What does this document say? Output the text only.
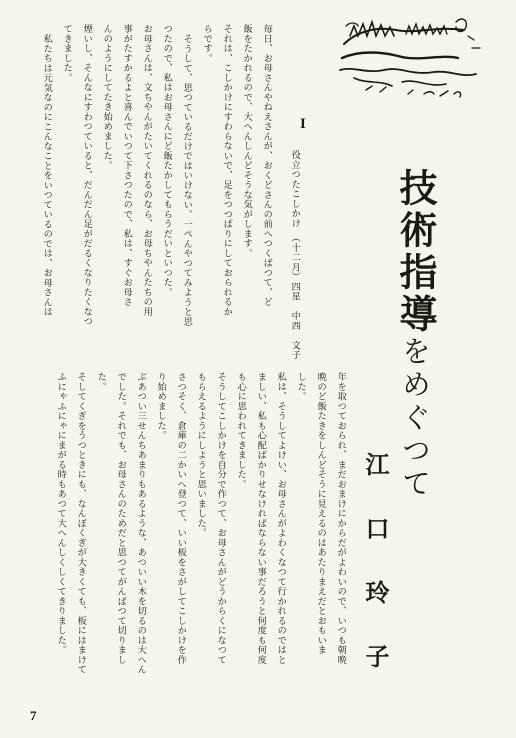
I
技術指導をめぐつて
江口玲子
役立つたこしかけ　（十二月）四星　中西　文子
毎日、お母さんやねえさんが、おくどさんの前へつくばつて、ど
飯をたかれるので、大へんしんどそうな気がします。
それは、こしかけにすわらないで、足をつつぱりにしておられるか
らです。
そうして、思つているだけではいけない。一ぺんやつてみようと思
つたので、私はお母さんにど飯たかしてもらうだいといつた。
お母さんは、文ちやんがたいてくれるのなら、お母ちやんたちの用
事がたすかるよと喜んでいつて下さつたので、私は、すぐお母さ
んのようにしてたき始めました。
煙いし、そんなにすわつていると、だんだん足がだるくなりたくなつ
てきました。
私たちは元気なのにこんなことをいつているのでは、お母さんは
年を取つておられ、まだおまけにからだがよわいので、いつも朝晩
晩のど飯たきをしんどそうに見えるのはあたりまえだとおもいま
した。
私は、そうしてよけい、お母さんがよわくなつて行かれるのではと
ましい、私も心配ばかりせなければならない事だろうと何度も何度
も心に思われてきました。
そうしてこしかけを自分で作つて、お母さんがどうからくになつて
もらえるようにしようと思いました。
さつそく、倉庫の二かいへ登つて、いい板をさがしてこしかけを作
り始めました。
ぶあつい三せんちあまりもあるような、あついい木を切るのは大へん
でした。それでも、お母さんのためだと思つてがんばつて切りまし
た。
そしてくぎをうつときにも、なんぼくぎが大きくても、板にはまけて
ふにゃふにゃにまがる時もあつて大へんしくしくてきりました。
7
